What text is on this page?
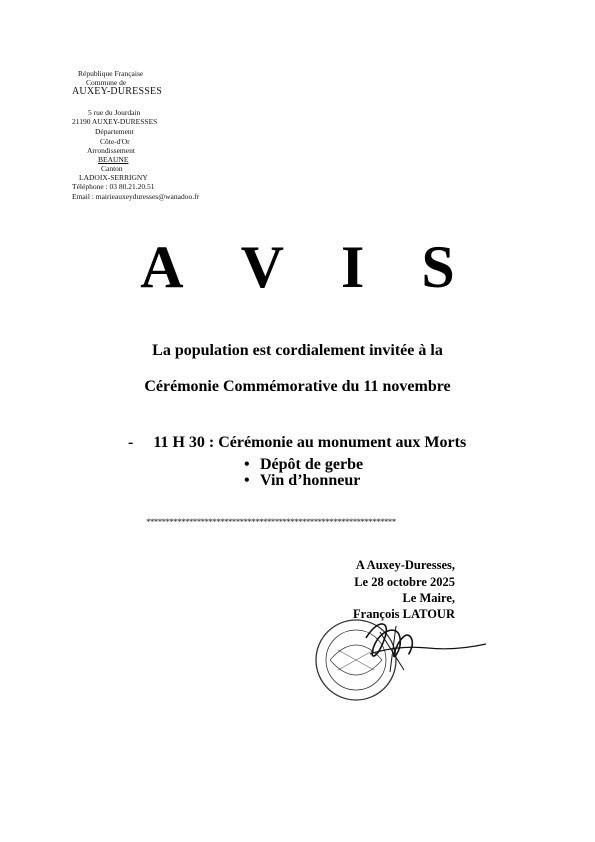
République Française
Commune de
AUXEY-DURESSES
5 rue du Jourdain
21190 AUXEY-DURESSES
Département
Côte-d'Or
Arrondissement
BEAUNE
Canton
LADOIX-SERRIGNY
Téléphone : 03 80.21.20.51
Email : mairieauxeyduresses@wanadoo.fr
A V I S
La population est cordialement invitée à la
Cérémonie Commémorative du 11 novembre
- 11 H 30 : Cérémonie au monument aux Morts
• Dépôt de gerbe
• Vin d’honneur
****************************************************************
A Auxey-Duresses,
Le 28 octobre 2025
Le Maire,
François LATOUR
